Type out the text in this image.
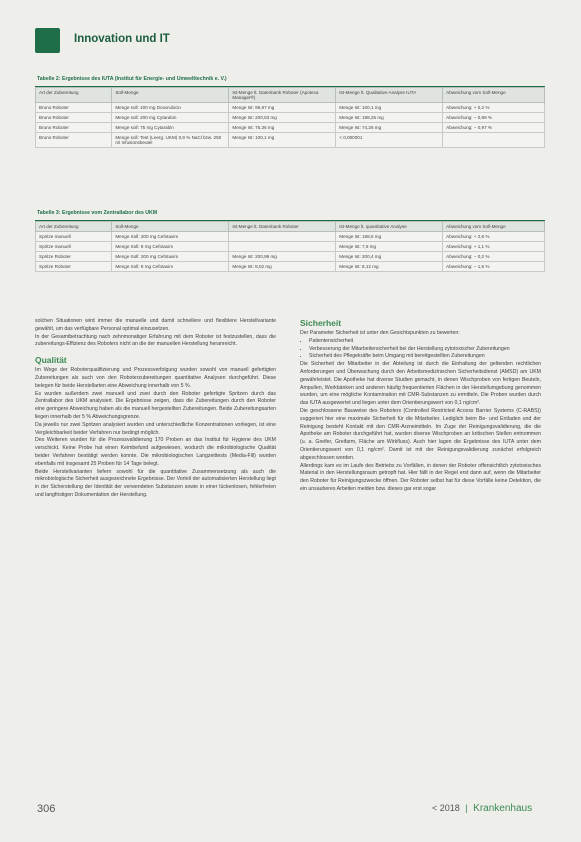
Innovation und IT
Tabelle 2: Ergebnisse des IUTA (Institut für Energie- und Umwelttechnik e. V.)
Art der Zubereitung	Soll-Menge	Ist-Menge lt. Datenbank Roboter (Apoteca Manager®)	Ist-Menge lt. Qualitative Analyse IUTA	Abweichung vom Soll-Menge
Bruno Roboter	Menge soll: 100 mg Doxorubicin	Menge Ist: 99,87 mg	Menge Ist: 100,1 mg	Abweichung: + 0,2 %
Bruno Roboter	Menge soll: 200 mg Cytarabin	Menge Ist: 200,53 mg	Menge Ist: 198,25 mg	Abweichung: − 0,89 %
Bruno Roboter	Menge soll: 75 mg Cytarabin	Menge Ist: 75,36 mg	Menge Ist: 74,26 mg	Abweichung: − 0,97 %
Bruno Roboter	Menge soll: Test (Leerg. UKM) 0,9 % NaCl bzw. 250 ml Infusionsbeutel	Menge Ist: 100,1 mg	< 0,000001	
Tabelle 3: Ergebnisse vom Zentrallabor des UKM
Art der Zubereitung	Soll-Menge	Ist-Menge lt. Datenbank Roboter	Ist-Menge lt. quantitative Analyse	Abweichung vom Soll-Menge
Spritze manuell	Menge Soll: 200 mg Cefotaxim		Menge Ist: 198,5 mg	Abweichung: + 2,6 %
Spritze manuell	Menge Soll: 8 mg Cefotaxim		Menge Ist: 7,9 mg	Abweichung: + 1,1 %
Spritze Roboter	Menge Soll: 200 mg Cefotaxim	Menge Ist: 200,99 mg	Menge Ist: 200,4 mg	Abweichung: − 0,2 %
Spritze Roboter	Menge Soll: 8 mg Cefotaxim	Menge Ist: 8,02 mg	Menge Ist: 8,12 mg	Abweichung: − 1,5 %

solchen Situationen wird immer die manuelle und damit schnellere und flexiblere Herstellvariante gewählt, um das verfügbare Personal optimal einzusetzen.

In der Gesamtbetrachtung nach zehnmonatiger Erfahrung mit dem Roboter ist festzustellen, dass die zubereitungs-Effizienz des Roboters nicht an die der manuellen Herstellung heranreicht.

Qualität

Im Wege der Roboterqualifizierung und Prozessverfolgung wurden sowohl von manuell gefertigten Zubereitungen als auch von den Roboterzubereitungen quantitative Analysen durchgeführt. Diese belegen für beide Herstellarten eine Abweichung innerhalb von 5 %.

Es wurden außerdem zwei manuell und zwei durch den Roboter gefertigte Spritzen durch das Zentrallabor des UKM analysiert. Die Ergebnisse zeigen, dass die Zubereitungen durch den Roboter eine geringere Abweichung haben als die manuell hergestellten Zubereitungen. Beide Zubereitungsarten liegen innerhalb der 5 % Abweichungsgrenze.

Da jeweils nur zwei Spritzen analysiert wurden und unterschiedliche Konzentrationen vorliegen, ist eine Vergleichbarkeit beider Verfahren nur bedingt möglich.

Des Weiteren wurden für die Prozessvalidierung 170 Proben an das Institut für Hygiene des UKM verschickt. Keine Probe hat einen Keimbefund aufgewiesen, wodurch die mikrobiologische Qualität beider Verfahren bestätigt werden konnte. Die mikrobiologischen Langzeittests (Media-Fill) wurden ebenfalls mit insgesamt 25 Proben für 14 Tage belegt.

Beide Herstellvarianten liefern sowohl für die quantitative Zusammensetzung als auch die mikrobiologische Sicherheit ausgezeichnete Ergebnisse. Der Vorteil der automatisierten Herstellung liegt in der Sicherstellung der Identität der verwendeten Substanzen sowie in einer lückenlosen, fehlerfreien und langfristigen Dokumentation der Herstellung.

Sicherheit

Der Parameter Sicherheit ist unter den Gesichtspunkten zu bewerten:

• Patientensicherheit
• Verbesserung der Mitarbeitersicherheit bei der Herstellung zytotoxischer Zubereitungen
• Sicherheit des Pflegekräfte beim Umgang mit bereitgestellten Zubereitungen

Die Sicherheit der Mitarbeiter in der Abteilung ist durch die Einhaltung der geltenden rechtlichen Anforderungen und Überwachung durch den Arbeitsmedizinischen Sicherheitsdienst (AMSD) am UKM gewährleistet. Die Apotheke hat diverse Studien gemacht, in denen Wischproben von fertigen Beuteln, Ampullen, Werkbänken und anderen häufig frequentierten Flächen in der Herstellumgebung genommen wurden, um eine mögliche Kontamination mit CMR-Substanzen zu ermitteln. Die Proben wurden durch das IUTA ausgewertet und liegen unter dem Orientierungswert von 0,1 ng/cm².

Die geschlossene Bauweise des Roboters (Controlled Restricted Access Barrier Systems (C-RABS)) suggeriert hier eine maximale Sicherheit für die Mitarbeiter. Lediglich beim Be- und Entladen und der Reinigung besteht Kontakt mit den CMR-Arzneimitteln. Im Zuge der Reinigungsvalidierung, die die Apotheke am Roboter durchgeführt hat, wurden diverse Wischproben an kritischen Stellen entnommen (u. a. Greifer, Greifarm, Fläche am Wirkfluss). Auch hier lagen die Ergebnisse des IUTA unter dem Orientierungswert von 0,1 ng/cm². Damit ist mit der Reinigungsvalidierung zunächst erfolgreich abgeschlossen worden.

Allerdings kam es im Laufe des Betriebs zu Vorfällen, in denen der Roboter offensichtlich zytotoxisches Material in den Herstellungsraum getropft hat. Hier fällt in der Regel erst dann auf, wenn die Mitarbeiter den Roboter für Reinigungszwecke öffnen. Der Roboter selbst hat für diese Vorfälle keine Detektion, die ein unsauberes Arbeiten melden bzw. dieses gar erst sogar

306	< 2018 | Krankenhaus
